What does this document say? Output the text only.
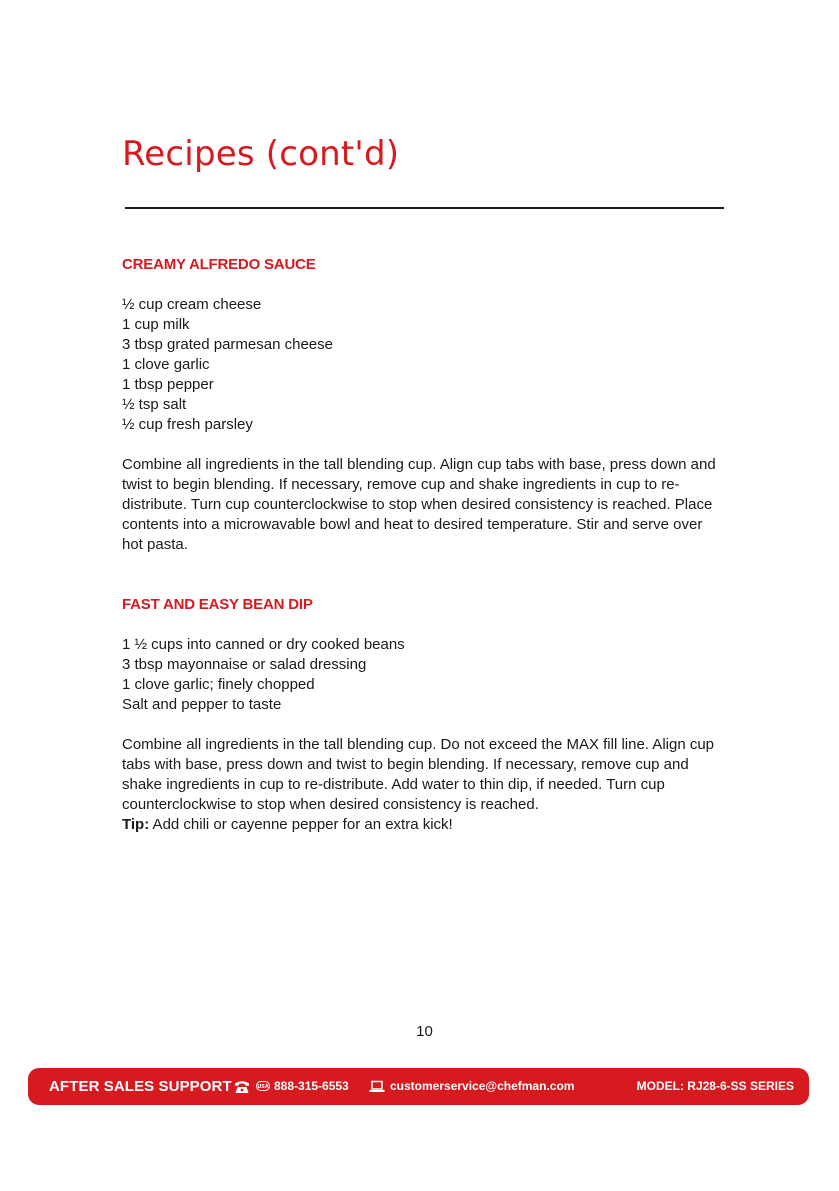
Recipes (cont'd)
CREAMY ALFREDO SAUCE
½ cup cream cheese
1 cup milk
3 tbsp grated parmesan cheese
1 clove garlic
1 tbsp pepper
½ tsp salt
½ cup fresh parsley

Combine all ingredients in the tall blending cup. Align cup tabs with base, press down and twist to begin blending. If necessary, remove cup and shake ingredients in cup to re-distribute. Turn cup counterclockwise to stop when desired consistency is reached. Place contents into a microwavable bowl and heat to desired temperature. Stir and serve over hot pasta.

FAST AND EASY BEAN DIP
1 ½ cups into canned or dry cooked beans
3 tbsp mayonnaise or salad dressing
1 clove garlic; finely chopped
Salt and pepper to taste

Combine all ingredients in the tall blending cup. Do not exceed the MAX fill line. Align cup tabs with base, press down and twist to begin blending. If necessary, remove cup and shake ingredients in cup to re-distribute. Add water to thin dip, if needed. Turn cup counterclockwise to stop when desired consistency is reached.

Tip: Add chili or cayenne pepper for an extra kick!

10
AFTER SALES SUPPORT	USA 888-315-6553	customerservice@chefman.com	MODEL: RJ28-6-SS SERIES
